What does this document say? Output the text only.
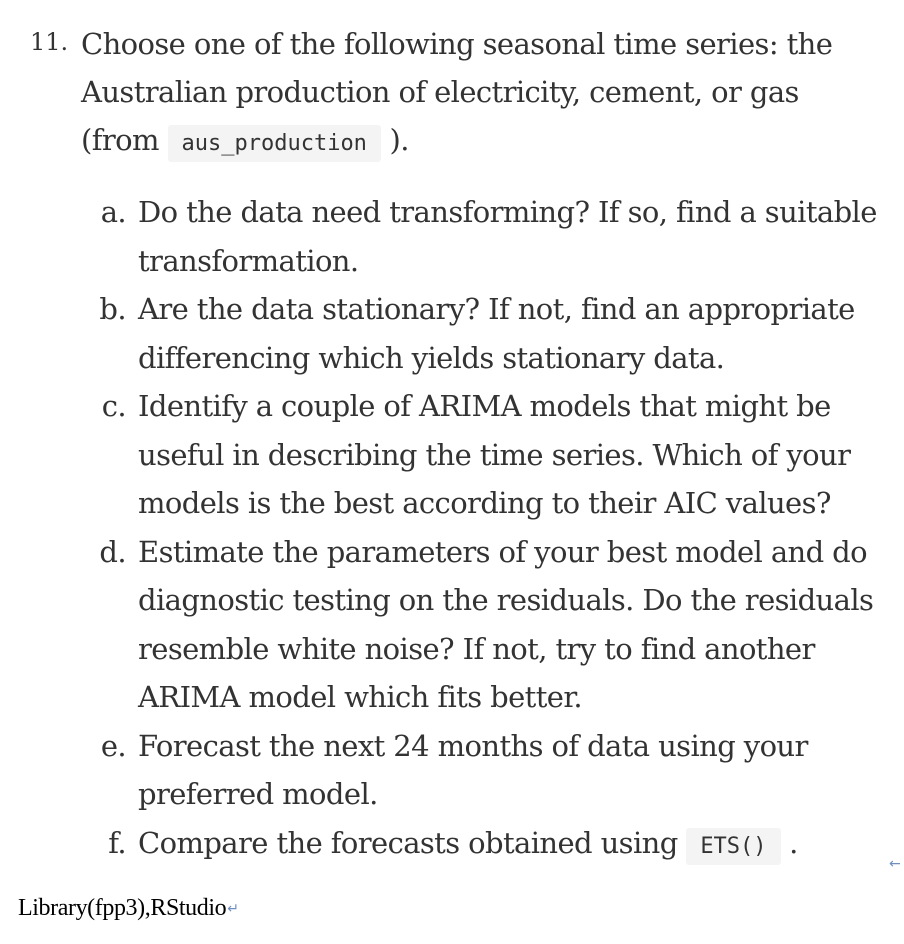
11. Choose one of the following seasonal time series: the Australian production of electricity, cement, or gas (from aus_production ).

a. Do the data need transforming? If so, find a suitable transformation.
b. Are the data stationary? If not, find an appropriate differencing which yields stationary data.
c. Identify a couple of ARIMA models that might be useful in describing the time series. Which of your models is the best according to their AIC values?
d. Estimate the parameters of your best model and do diagnostic testing on the residuals. Do the residuals resemble white noise? If not, try to find another ARIMA model which fits better.
e. Forecast the next 24 months of data using your preferred model.
f. Compare the forecasts obtained using ETS() .
←
Library(fpp3),RStudio↵
